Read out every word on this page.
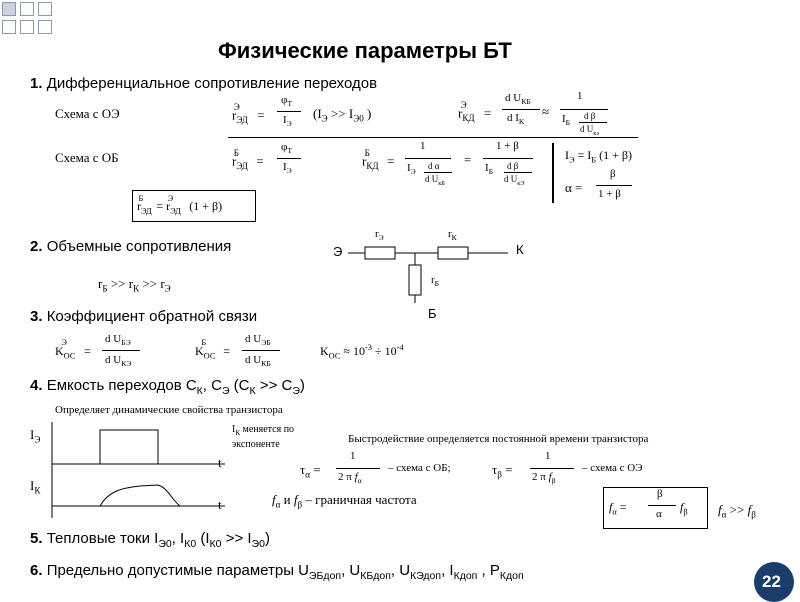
Физические параметры БТ
1. Дифференциальное сопротивление переходов
Схема с ОЭ
Схема с ОБ
$r_{ЭД}^Э$ =
$\varphi_T$
$I_Э$
($I_Э >> I_{Э0}$ )	$r_{КД}^Э$ =
d $U_{КБ}$
d $I_K$
≈
1
$I_Б$
d β
d $U_{кэ}$
$r_{ЭД}^Б$ =
$\varphi_T$
$I_Э$
$r_{КД}^Б$ =
1
$I_Э$
d α
d $U_{кБ}$
=
1 + β
$I_Б$
d β
d $U_{кЭ}$
$I_Э = I_Б$ (1 + β)
α =
β
1 + β
$r_{ЭД}^Б= r_{ЭД}^Э$ (1 + β)
2. Объемные сопротивления
$r_Б >> r_К >> r_Э$
Э	К
Б
$r_Э$	$r_К$
$r_Б$
3. Коэффициент обратной связи
$K_{ОС}^Э$ =
d $U_{БЭ}$
d $U_{КЭ}$
$K_{ОС}^Б$ =
d $U_{ЭБ}$
d $U_{КБ}$
$K_{ОС} \approx 10^{-3} \div 10^{-4}$
4. Емкость переходов $С_К$, $С_Э$ $(С_К >> С_Э)$
Определяет динамические свойства транзистора
$I_Э$
$I_К$
t
t
$I_К$ меняется по
экспоненте	Быстродействие определяется постоянной времени транзистора
$\tau_\alpha$ =
1
2 π $f_\alpha$
– схема с ОБ;	$\tau_\beta$ =
1
2 π $f_\beta$
– схема с ОЭ
$f_\alpha$ и $f_\beta$ – граничная частота	$f_\alpha$ =
β
α $f_\beta$ $f_\alpha >> f_\beta$
5. Тепловые токи $I_{Э0}$, $I_{К0}$ $(I_{К0} >> I_{Э0})$
6. Предельно допустимые параметры $U_{ЭБдоп}$, $U_{КБдоп}$, $U_{КЭдоп}$, $I_{Кдоп}$ , $P_{Кдоп}$	22
